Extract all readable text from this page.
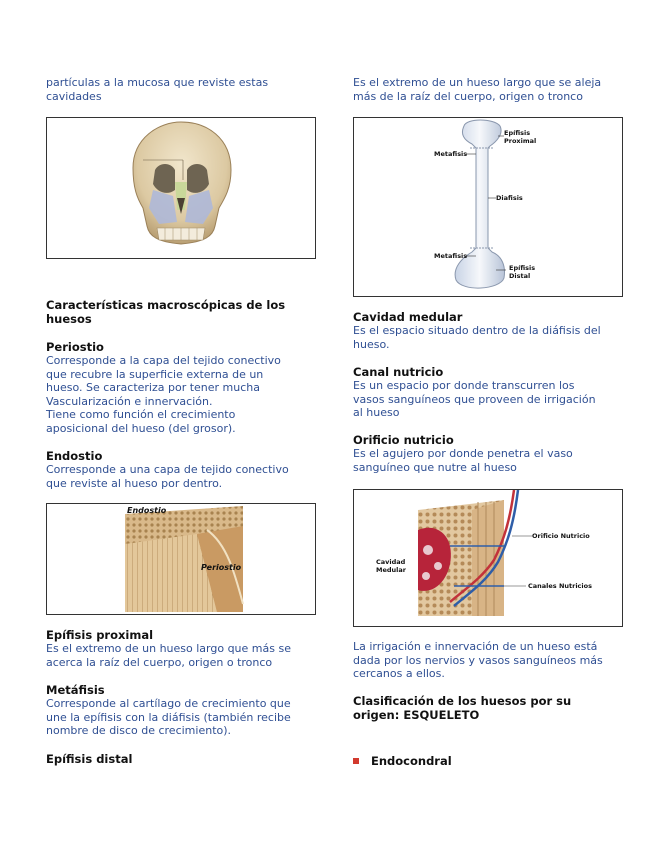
partículas a la mucosa que reviste estas

cavidades

Características macroscópicas de los

huesos

Periostio

Corresponde a la capa del tejido conectivo

que recubre la superficie externa de un

hueso. Se caracteriza por tener mucha

Vascularización e innervación.

Tiene como función el crecimiento

aposicional del hueso (del grosor).

Endostio

Corresponde a una capa de tejido conectivo

que reviste al hueso por dentro.

Endostio
Periostio

Epífisis proximal

Es el extremo de un hueso largo que más se

acerca la raíz del cuerpo, origen o tronco

Metáfisis

Corresponde al cartílago de crecimiento que

une la epífisis con la diáfisis (también recibe

nombre de disco de crecimiento).

Epífisis distal

Es el extremo de un hueso largo que se aleja

más de la raíz del cuerpo, origen o tronco

Epífisis
Proximal
Metafisis
Diafisis
Metafisis
Epífisis
Distal

Cavidad medular

Es el espacio situado dentro de la diáfisis del

hueso.

Canal nutricio

Es un espacio por donde transcurren los

vasos sanguíneos que proveen de irrigación

al hueso

Orificio nutricio

Es el agujero por donde penetra el vaso

sanguíneo que nutre al hueso

Orificio Nutricio
Cavidad
Medular
Canales Nutricios

La irrigación e innervación de un hueso está

dada por los nervios y vasos sanguíneos más

cercanos a ellos.

Clasificación de los huesos por su

origen: ESQUELETO

Endocondral
